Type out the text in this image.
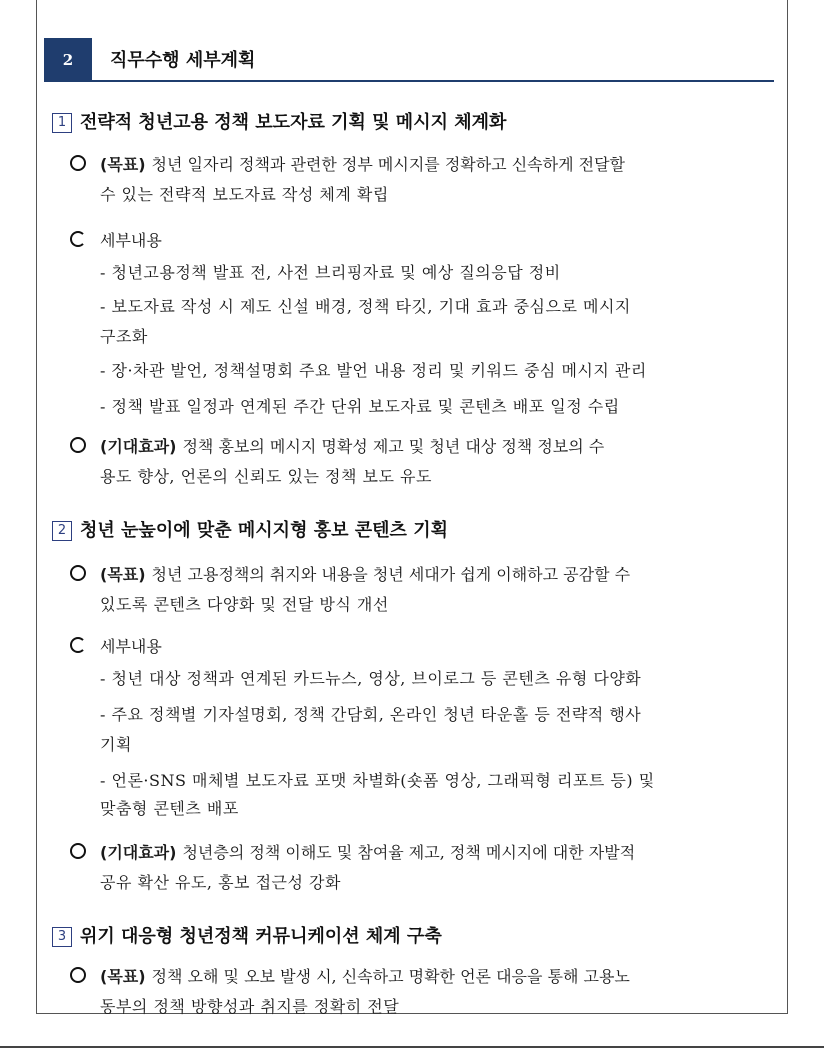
2	직무수행 세부계획
1 전략적 청년고용 정책 보도자료 기획 및 메시지 체계화
(목표) 청년 일자리 정책과 관련한 정부 메시지를 정확하고 신속하게 전달할
수 있는 전략적 보도자료 작성 체계 확립
세부내용
- 청년고용정책 발표 전, 사전 브리핑자료 및 예상 질의응답 정비
- 보도자료 작성 시 제도 신설 배경, 정책 타깃, 기대 효과 중심으로 메시지
구조화
- 장·차관 발언, 정책설명회 주요 발언 내용 정리 및 키워드 중심 메시지 관리
- 정책 발표 일정과 연계된 주간 단위 보도자료 및 콘텐츠 배포 일정 수립
(기대효과) 정책 홍보의 메시지 명확성 제고 및 청년 대상 정책 정보의 수
용도 향상, 언론의 신뢰도 있는 정책 보도 유도
2 청년 눈높이에 맞춘 메시지형 홍보 콘텐츠 기획
(목표) 청년 고용정책의 취지와 내용을 청년 세대가 쉽게 이해하고 공감할 수
있도록 콘텐츠 다양화 및 전달 방식 개선
세부내용
- 청년 대상 정책과 연계된 카드뉴스, 영상, 브이로그 등 콘텐츠 유형 다양화
- 주요 정책별 기자설명회, 정책 간담회, 온라인 청년 타운홀 등 전략적 행사
기획
- 언론·SNS 매체별 보도자료 포맷 차별화(숏폼 영상, 그래픽형 리포트 등) 및
맞춤형 콘텐츠 배포
(기대효과) 청년층의 정책 이해도 및 참여율 제고, 정책 메시지에 대한 자발적
공유 확산 유도, 홍보 접근성 강화
3 위기 대응형 청년정책 커뮤니케이션 체계 구축
(목표) 정책 오해 및 오보 발생 시, 신속하고 명확한 언론 대응을 통해 고용노
동부의 정책 방향성과 취지를 정확히 전달
